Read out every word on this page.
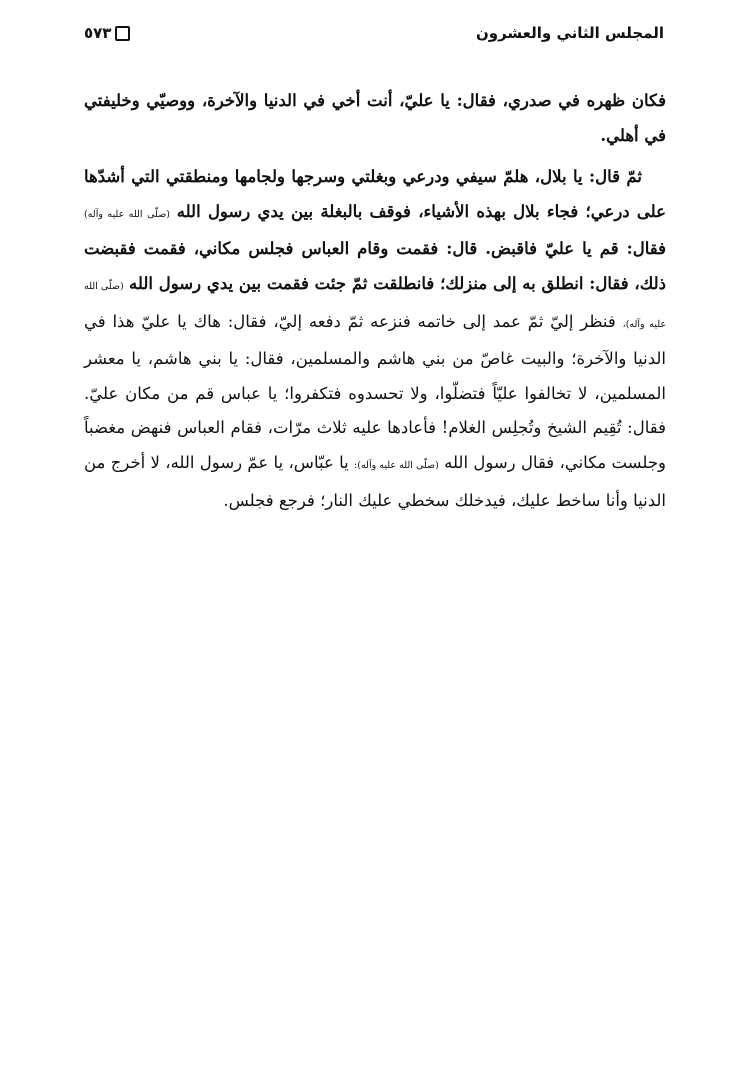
المجلس الثاني والعشرون
٥٧٣

فكان ظهره في صدري، فقال: يا عليّ، أنت أخي في الدنيا والآخرة، ووصيّي وخليفتي في أهلي.

ثمّ قال: يا بلال، هلمّ سيفي ودرعي وبغلتي وسرجها ولجامها ومنطقتي التي أشدّها على درعي؛ فجاء بلال بهذه الأشياء، فوقف بالبغلة بين يدي رسول الله (صلّى الله عليه وآله) فقال: قم يا عليّ فاقبض. قال: فقمت وقام العباس فجلس مكاني، فقمت فقبضت ذلك، فقال: انطلق به إلى منزلك؛ فانطلقت ثمّ جئت فقمت بين يدي رسول الله (صلّى الله عليه وآله)، فنظر إليّ ثمّ عمد إلى خاتمه فنزعه ثمّ دفعه إليّ، فقال: هاك يا عليّ هذا في الدنيا والآخرة؛ والبيت غاصّ من بني هاشم والمسلمين، فقال: يا بني هاشم، يا معشر المسلمين، لا تخالفوا عليّاً فتضلّوا، ولا تحسدوه فتكفروا؛ يا عباس قم من مكان عليّ. فقال: تُقِيم الشيخ وتُجلِس الغلام! فأعادها عليه ثلاث مرّات، فقام العباس فنهض مغضباً وجلست مكاني، فقال رسول الله (صلّى الله عليه وآله): يا عبّاس، يا عمّ رسول الله، لا أخرج من الدنيا وأنا ساخط عليك، فيدخلك سخطي عليك النار؛ فرجع فجلس.
